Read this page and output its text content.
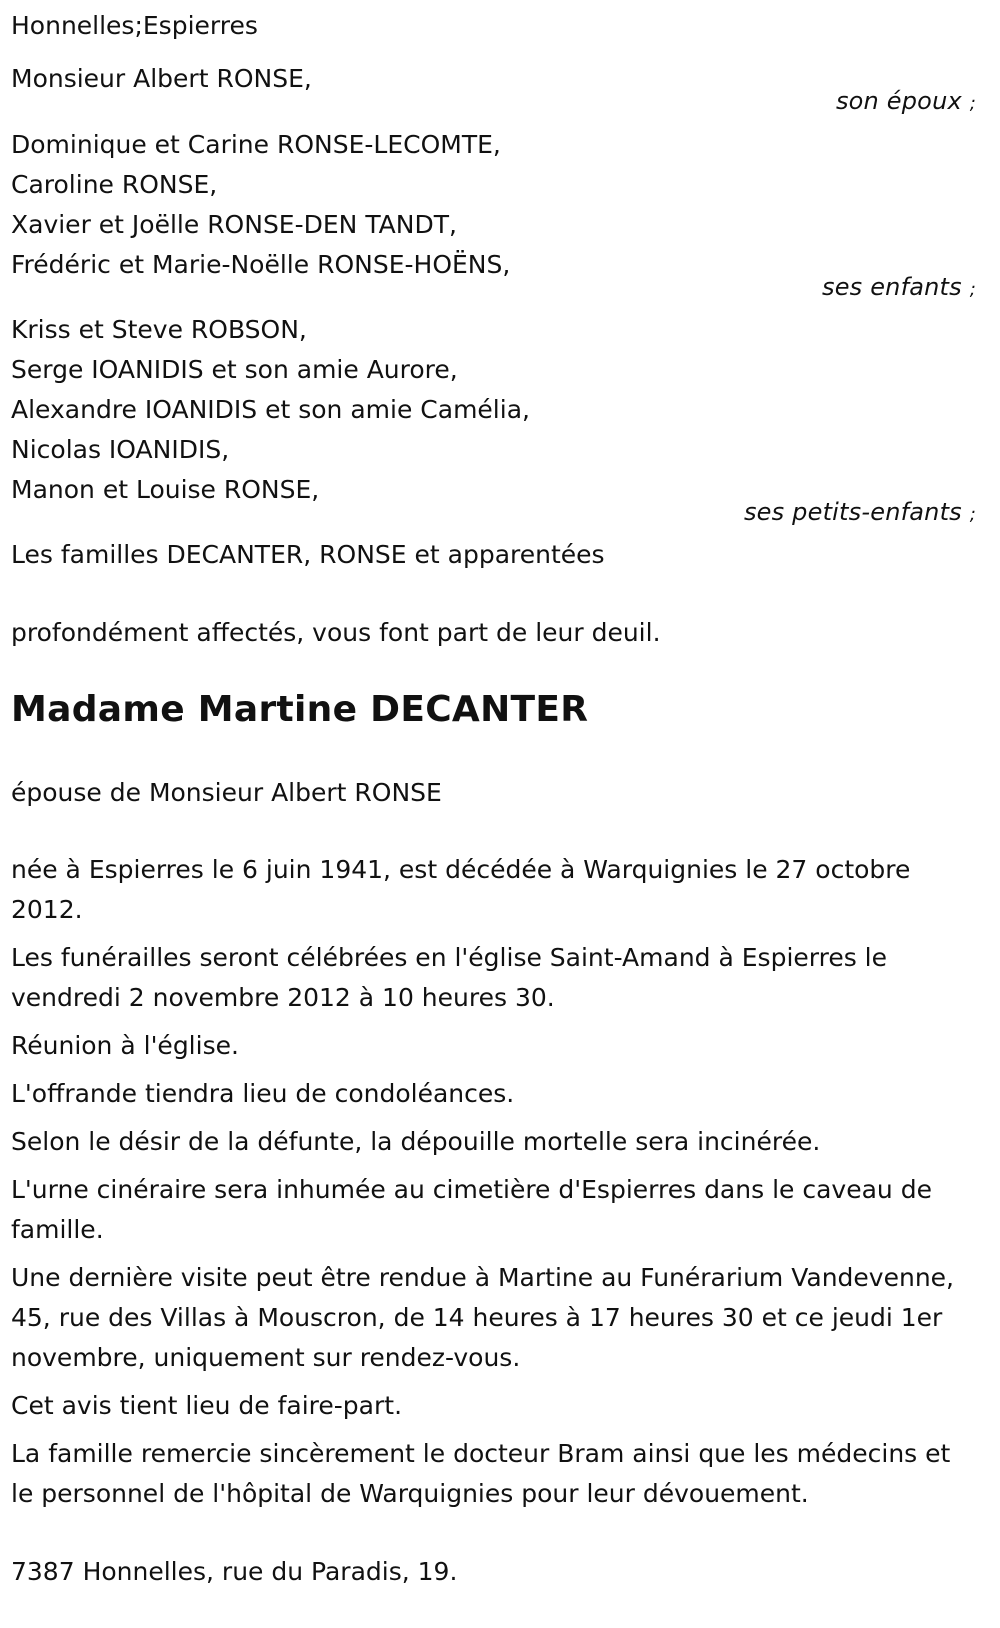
Honnelles;Espierres
Monsieur Albert RONSE,
son époux ;
Dominique et Carine RONSE-LECOMTE,
Caroline RONSE,
Xavier et Joëlle RONSE-DEN TANDT,
Frédéric et Marie-Noëlle RONSE-HOËNS,
ses enfants ;
Kriss et Steve ROBSON,
Serge IOANIDIS et son amie Aurore,
Alexandre IOANIDIS et son amie Camélia,
Nicolas IOANIDIS,
Manon et Louise RONSE,
ses petits-enfants ;
Les familles DECANTER, RONSE et apparentées
profondément affectés, vous font part de leur deuil.
Madame Martine DECANTER
épouse de Monsieur Albert RONSE

née à Espierres le 6 juin 1941, est décédée à Warquignies le 27 octobre 2012.

Les funérailles seront célébrées en l'église Saint-Amand à Espierres le vendredi 2 novembre 2012 à 10 heures 30.

Réunion à l'église.

L'offrande tiendra lieu de condoléances.

Selon le désir de la défunte, la dépouille mortelle sera incinérée.

L'urne cinéraire sera inhumée au cimetière d'Espierres dans le caveau de famille.

Une dernière visite peut être rendue à Martine au Funérarium Vandevenne, 45, rue des Villas à Mouscron, de 14 heures à 17 heures 30 et ce jeudi 1er novembre, uniquement sur rendez-vous.

Cet avis tient lieu de faire-part.

La famille remercie sincèrement le docteur Bram ainsi que les médecins et le personnel de l'hôpital de Warquignies pour leur dévouement.

7387 Honnelles, rue du Paradis, 19.
